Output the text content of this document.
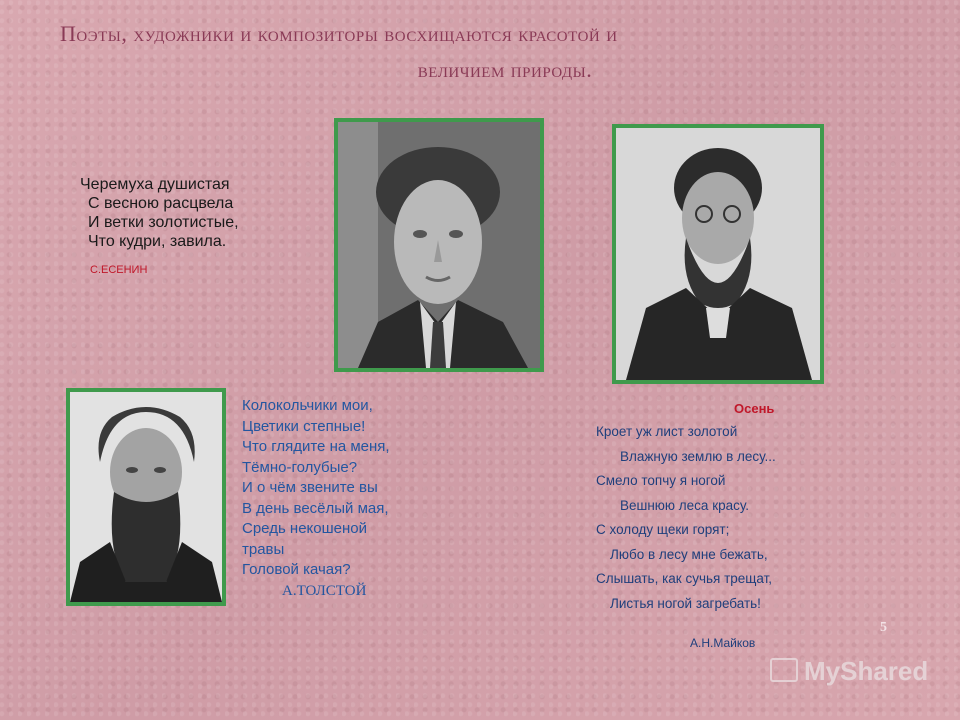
Поэты, художники и композиторы восхищаются красотой и
величием природы.
Черемуха душистая
С весною расцвела
И ветки золотистые,
Что кудри, завила.
С.ЕСЕНИН
Колокольчики мои,
Цветики степные!
Что глядите на меня,
Тёмно-голубые?
И о чём звените вы
В день весёлый мая,
Средь некошеной
травы
Головой качая?
А.ТОЛСТОЙ
Осень
Кроет уж лист золотой
Влажную землю в лесу...
Смело топчу я ногой
Вешнюю леса красу.
С холоду щеки горят;
Любо в лесу мне бежать,
Слышать, как сучья трещат,
Листья ногой загребать!
А.Н.Майков
5
MyShared
